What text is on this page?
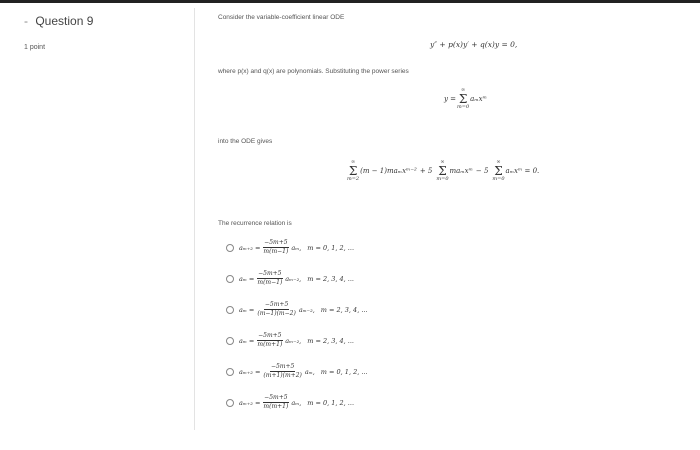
- Question 9
1 point
Consider the variable-coefficient linear ODE
y″ + p(x)y′ + q(x)y = 0,
where p(x) and q(x) are polynomials. Substituting the power series
y =
∞
Σ
m=0
aₘxᵐ
into the ODE gives
∞
Σ
m=2
(m − 1)maₘxᵐ⁻² + 5
∞
Σ
m=0
maₘxᵐ − 5
∞
Σ
m=0
aₘxᵐ = 0.
The recurrence relation is
$a_{m+2} = \frac{-5m+5}{m(m-1)} a_m$, m = 0, 1, 2, ...
$a_m = \frac{-5m+5}{m(m-1)} a_{m-2}$, m = 2, 3, 4, ...
$a_m = \frac{-5m+5}{(m-1)(m-2)} a_{m-2}$, m = 2, 3, 4, ...
$a_m = \frac{-5m+5}{m(m+1)} a_{m-2}$, m = 2, 3, 4, ...
$a_{m+2} = \frac{-5m+5}{(m+1)(m+2)} a_m$, m = 0, 1, 2, ...
$a_{m+2} = \frac{-5m+5}{m(m+1)} a_m$, m = 0, 1, 2, ...
